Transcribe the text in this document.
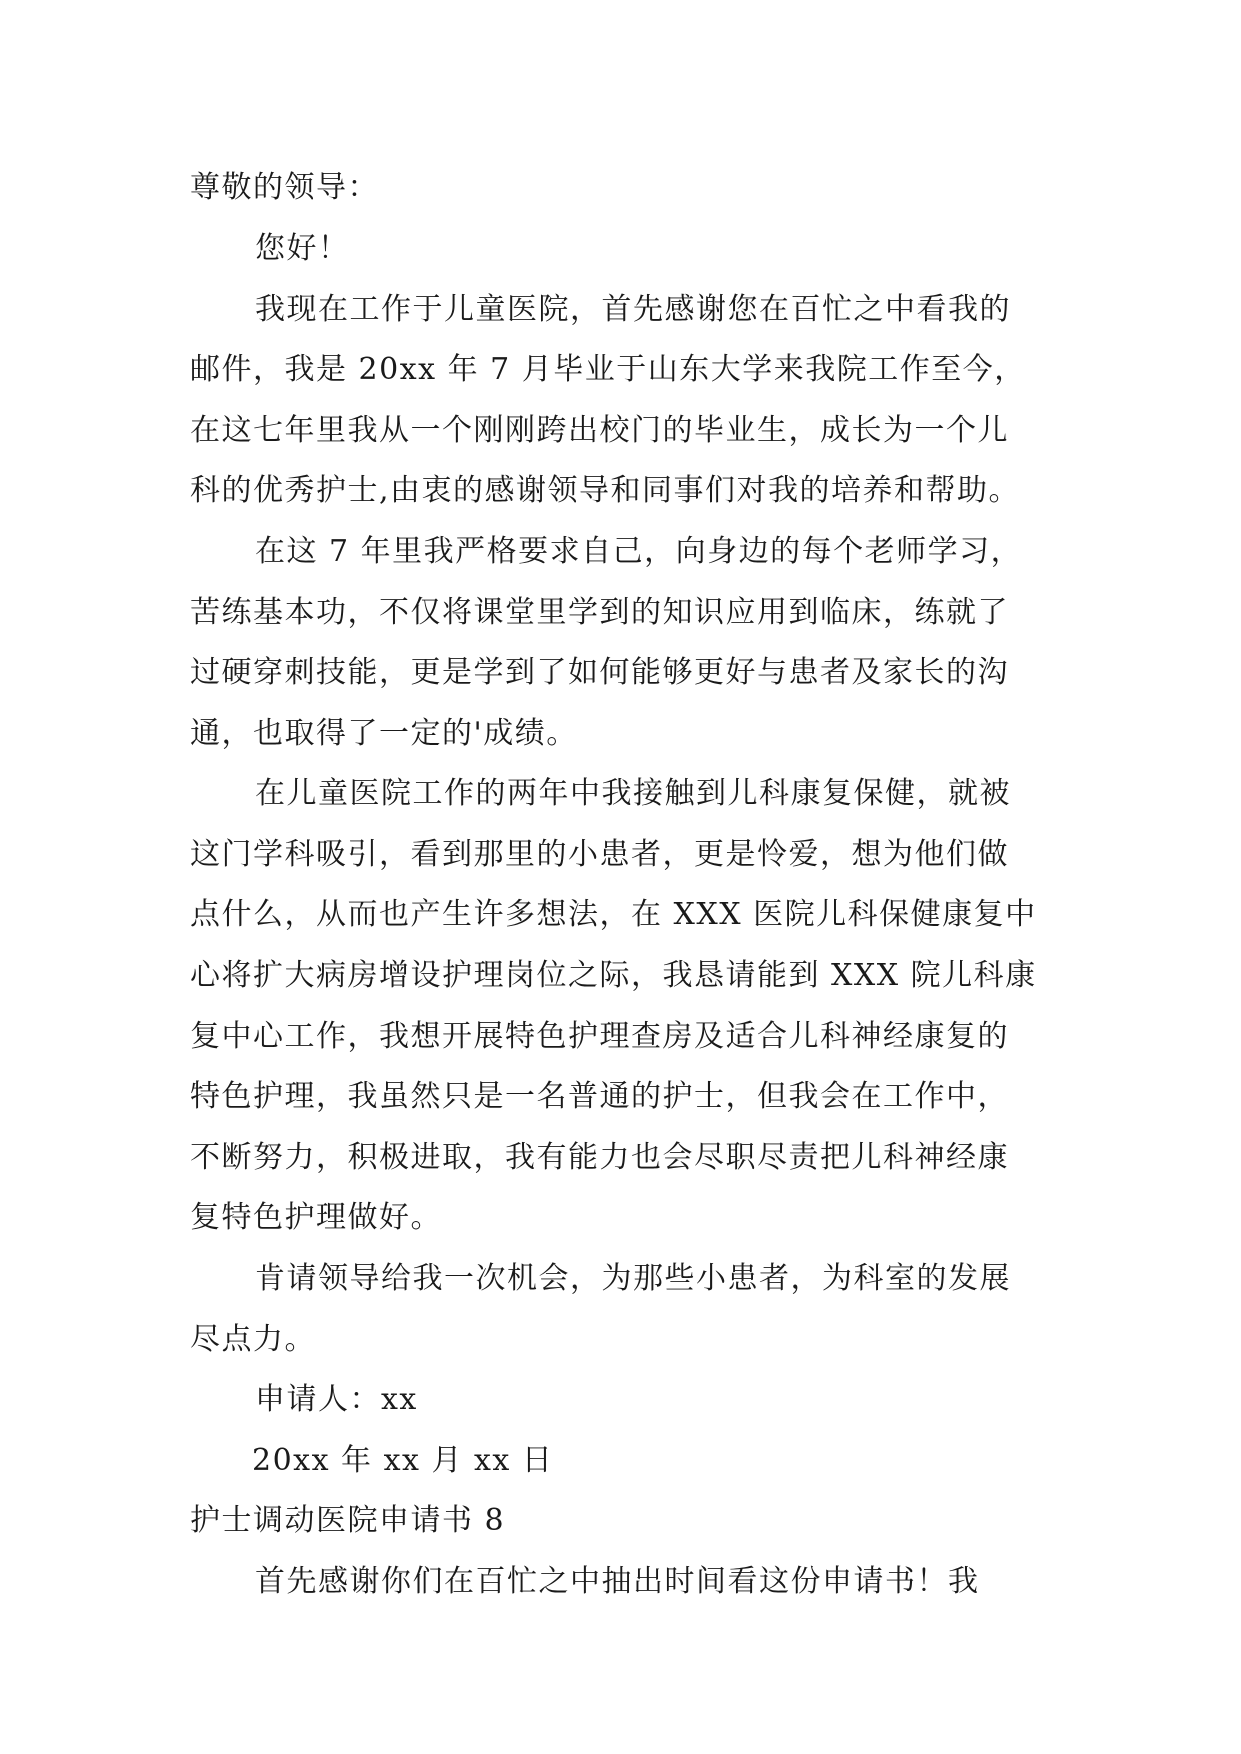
尊敬的领导：
您好！
我现在工作于儿童医院，首先感谢您在百忙之中看我的
邮件，我是 20xx 年 7 月毕业于山东大学来我院工作至今，
在这七年里我从一个刚刚跨出校门的毕业生，成长为一个儿
科的优秀护士,由衷的感谢领导和同事们对我的培养和帮助。
在这 7 年里我严格要求自己，向身边的每个老师学习，
苦练基本功，不仅将课堂里学到的知识应用到临床，练就了
过硬穿刺技能，更是学到了如何能够更好与患者及家长的沟
通，也取得了一定的'成绩。
在儿童医院工作的两年中我接触到儿科康复保健，就被
这门学科吸引，看到那里的小患者，更是怜爱，想为他们做
点什么，从而也产生许多想法，在 XXX 医院儿科保健康复中
心将扩大病房增设护理岗位之际，我恳请能到 XXX 院儿科康
复中心工作，我想开展特色护理查房及适合儿科神经康复的
特色护理，我虽然只是一名普通的护士，但我会在工作中，
不断努力，积极进取，我有能力也会尽职尽责把儿科神经康
复特色护理做好。
肯请领导给我一次机会，为那些小患者，为科室的发展
尽点力。
申请人：xx
20xx 年 xx 月 xx 日
护士调动医院申请书 8
首先感谢你们在百忙之中抽出时间看这份申请书！我
